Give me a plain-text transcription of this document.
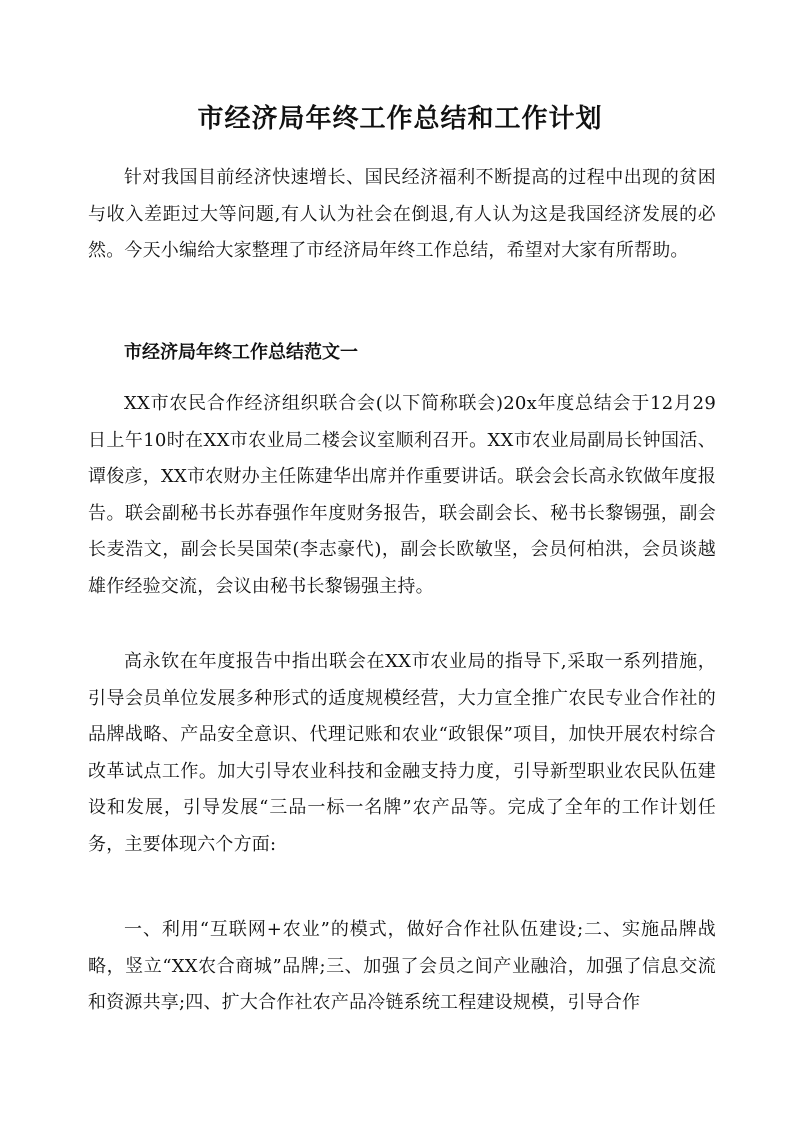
市经济局年终工作总结和工作计划

针对我国目前经济快速增长、国民经济福利不断提高的过程中出现的贫困与收入差距过大等问题,有人认为社会在倒退,有人认为这是我国经济发展的必然。今天小编给大家整理了市经济局年终工作总结，希望对大家有所帮助。

市经济局年终工作总结范文一

XX市农民合作经济组织联合会(以下简称联会)20x年度总结会于12月29日上午10时在XX市农业局二楼会议室顺利召开。XX市农业局副局长钟国活、谭俊彦，XX市农财办主任陈建华出席并作重要讲话。联会会长高永钦做年度报告。联会副秘书长苏春强作年度财务报告，联会副会长、秘书长黎锡强，副会长麦浩文，副会长吴国荣(李志豪代)，副会长欧敏坚，会员何柏洪，会员谈越雄作经验交流，会议由秘书长黎锡强主持。

高永钦在年度报告中指出联会在XX市农业局的指导下,采取一系列措施，引导会员单位发展多种形式的适度规模经营，大力宣全推广农民专业合作社的品牌战略、产品安全意识、代理记账和农业“政银保”项目，加快开展农村综合改革试点工作。加大引导农业科技和金融支持力度，引导新型职业农民队伍建设和发展，引导发展“三品一标一名牌”农产品等。完成了全年的工作计划任务，主要体现六个方面:

一、利用“互联网+农业”的模式，做好合作社队伍建设;二、实施品牌战略，竖立“XX农合商城”品牌;三、加强了会员之间产业融洽，加强了信息交流和资源共享;四、扩大合作社农产品冷链系统工程建设规模，引导合作
